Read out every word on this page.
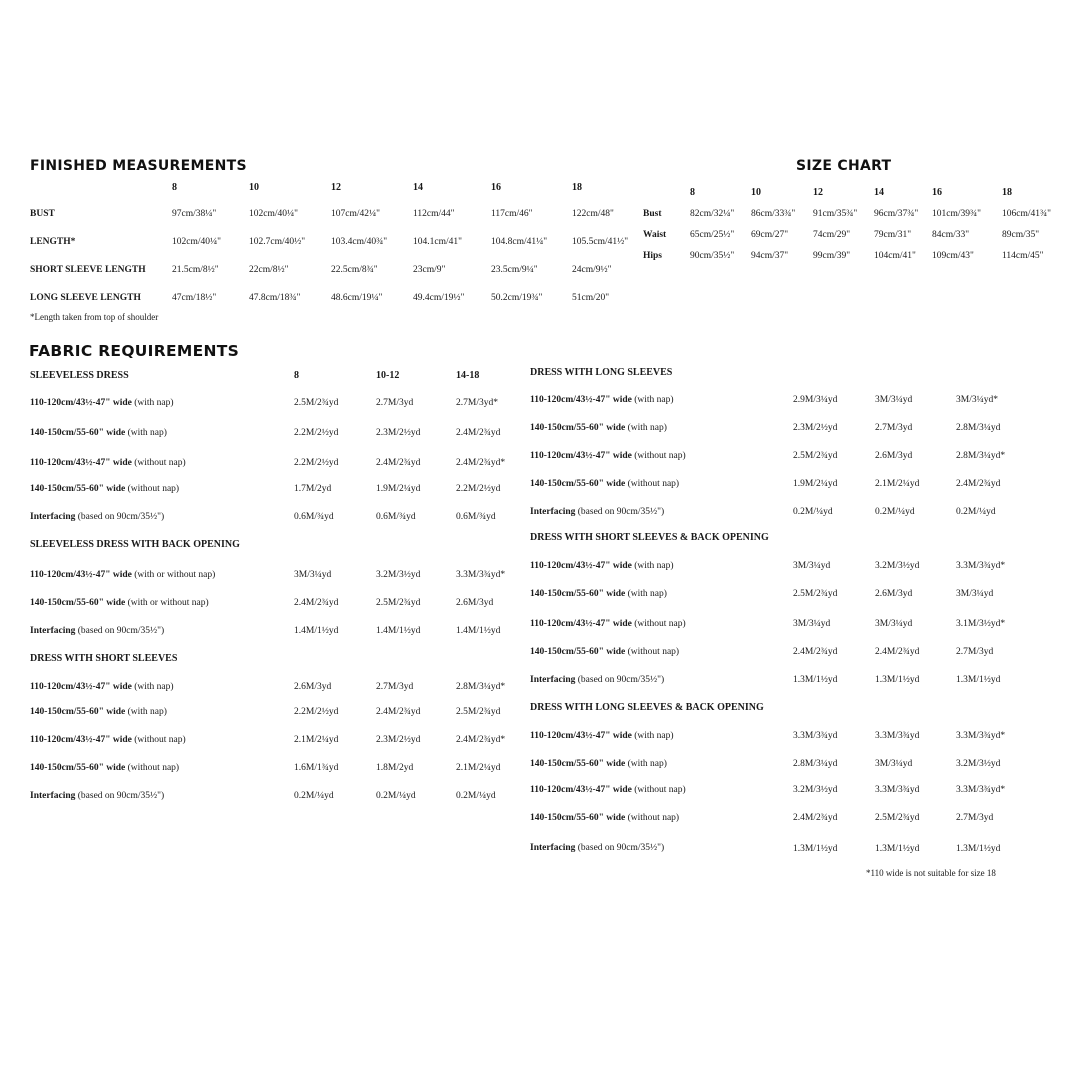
FINISHED MEASUREMENTS
8	10	12	14	16	18
BUST	97cm/38¼"	102cm/40¼"	107cm/42¼"	112cm/44"	117cm/46"	122cm/48"
LENGTH*	102cm/40¼"	102.7cm/40½"	103.4cm/40¾"	104.1cm/41"	104.8cm/41¼"	105.5cm/41½"
SHORT SLEEVE LENGTH	21.5cm/8½"	22cm/8½"	22.5cm/8¾"	23cm/9"	23.5cm/9¼"	24cm/9½"
LONG SLEEVE LENGTH	47cm/18½"	47.8cm/18¾"	48.6cm/19¼"	49.4cm/19½"	50.2cm/19¾"	51cm/20"
*Length taken from top of shoulder
SIZE CHART
8	10	12	14	16	18
Bust	82cm/32¼" 86cm/33¾" 91cm/35¾" 96cm/37¾" 101cm/39¾" 106cm/41¾"
Waist	65cm/25½" 69cm/27"	74cm/29"	79cm/31" 84cm/33"	89cm/35"
Hips	90cm/35½" 94cm/37"	99cm/39"	104cm/41" 109cm/43"	114cm/45"
FABRIC REQUIREMENTS
SLEEVELESS DRESS	8	10-12	14-18
110-120cm/43½-47" wide (with nap)	2.5M/2¾yd	2.7M/3yd	2.7M/3yd*
140-150cm/55-60" wide (with nap)	2.2M/2½yd	2.3M/2½yd	2.4M/2¾yd
110-120cm/43½-47" wide (without nap)	2.2M/2½yd	2.4M/2¾yd	2.4M/2¾yd*
140-150cm/55-60" wide (without nap)	1.7M/2yd	1.9M/2¼yd	2.2M/2½yd
Interfacing (based on 90cm/35½")	0.6M/¾yd	0.6M/¾yd	0.6M/¾yd
SLEEVELESS DRESS WITH BACK OPENING
110-120cm/43½-47" wide (with or without nap)	3M/3¼yd	3.2M/3½yd	3.3M/3¾yd*
140-150cm/55-60" wide (with or without nap)	2.4M/2¾yd	2.5M/2¾yd	2.6M/3yd
Interfacing (based on 90cm/35½")	1.4M/1½yd	1.4M/1½yd	1.4M/1½yd
DRESS WITH SHORT SLEEVES
110-120cm/43½-47" wide (with nap)	2.6M/3yd	2.7M/3yd	2.8M/3¼yd*
140-150cm/55-60" wide (with nap)	2.2M/2½yd	2.4M/2¾yd	2.5M/2¾yd
110-120cm/43½-47" wide (without nap)	2.1M/2¼yd	2.3M/2½yd	2.4M/2¾yd*
140-150cm/55-60" wide (without nap)	1.6M/1¾yd	1.8M/2yd	2.1M/2¼yd
Interfacing (based on 90cm/35½")	0.2M/¼yd	0.2M/¼yd	0.2M/¼yd
DRESS WITH LONG SLEEVES
110-120cm/43½-47" wide (with nap)	2.9M/3¼yd	3M/3¼yd	3M/3¼yd*
140-150cm/55-60" wide (with nap)	2.3M/2½yd	2.7M/3yd	2.8M/3¼yd
110-120cm/43½-47" wide (without nap)	2.5M/2¾yd	2.6M/3yd	2.8M/3¼yd*
140-150cm/55-60" wide (without nap)	1.9M/2¼yd	2.1M/2¼yd	2.4M/2¾yd
Interfacing (based on 90cm/35½")	0.2M/¼yd	0.2M/¼yd	0.2M/¼yd
DRESS WITH SHORT SLEEVES & BACK OPENING
110-120cm/43½-47" wide (with nap)	3M/3¼yd	3.2M/3½yd	3.3M/3¾yd*
140-150cm/55-60" wide (with nap)	2.5M/2¾yd	2.6M/3yd	3M/3¼yd
110-120cm/43½-47" wide (without nap)	3M/3¼yd	3M/3¼yd	3.1M/3½yd*
140-150cm/55-60" wide (without nap)	2.4M/2¾yd	2.4M/2¾yd	2.7M/3yd
Interfacing (based on 90cm/35½")	1.3M/1½yd	1.3M/1½yd	1.3M/1½yd
DRESS WITH LONG SLEEVES & BACK OPENING
110-120cm/43½-47" wide (with nap)	3.3M/3¾yd	3.3M/3¾yd	3.3M/3¾yd*
140-150cm/55-60" wide (with nap)	2.8M/3¼yd	3M/3¼yd	3.2M/3½yd
110-120cm/43½-47" wide (without nap)	3.2M/3½yd	3.3M/3¾yd	3.3M/3¾yd*
140-150cm/55-60" wide (without nap)	2.4M/2¾yd	2.5M/2¾yd	2.7M/3yd
Interfacing (based on 90cm/35½")	1.3M/1½yd	1.3M/1½yd	1.3M/1½yd
*110 wide is not suitable for size 18
